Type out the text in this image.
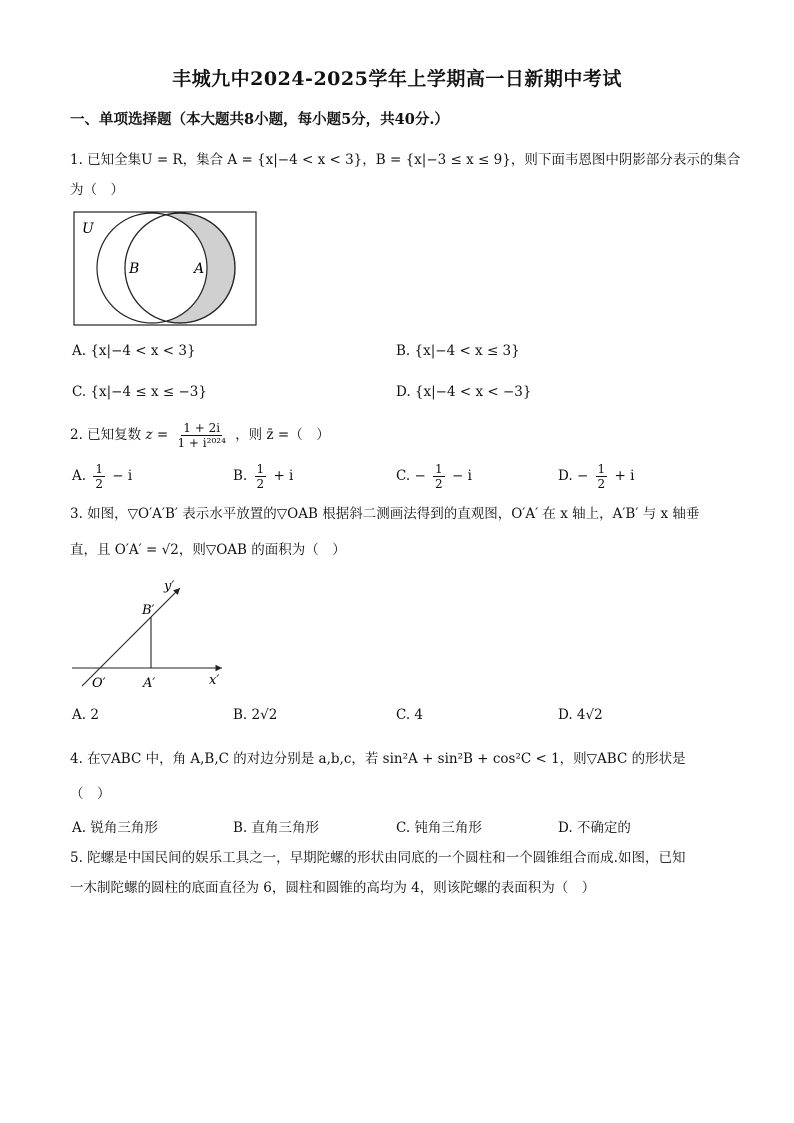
丰城九中2024-2025学年上学期高一日新期中考试
一、单项选择题（本大题共8小题，每小题5分，共40分.）
1. 已知全集U = R，集合 A = {x|−4 < x < 3}，B = {x|−3 ≤ x ≤ 9}，则下面韦恩图中阴影部分表示的集合
为（　）
U
B	A
A. {x|−4 < x < 3}	B. {x|−4 < x ≤ 3}
C. {x|−4 ≤ x ≤ −3}	D. {x|−4 < x < −3}
2. 已知复数 $z = \frac{1 + 2i}{\text{1 + i²⁰²⁴}}$ ，则 z̄ =（　）
A. $\frac{1}{2} - i$	B. $\frac{1}{2} + i$	C. − $\frac{1}{2} - i$	D. − $\frac{1}{2} + i$
3. 如图，▽O′A′B′ 表示水平放置的▽OAB 根据斜二测画法得到的直观图，O′A′ 在 x 轴上，A′B′ 与 x 轴垂
直，且 O′A′ = √2，则▽OAB 的面积为（　）
y′
B′
O′	A′	x′
A. 2	B. 2√2	C. 4	D. 4√2
4. 在▽ABC 中，角 A,B,C 的对边分别是 a,b,c，若 sin²A + sin²B + cos²C < 1，则▽ABC 的形状是
（　）
A. 锐角三角形	B. 直角三角形	C. 钝角三角形	D. 不确定的
5. 陀螺是中国民间的娱乐工具之一，早期陀螺的形状由同底的一个圆柱和一个圆锥组合而成.如图，已知
一木制陀螺的圆柱的底面直径为 6，圆柱和圆锥的高均为 4，则该陀螺的表面积为（　）
